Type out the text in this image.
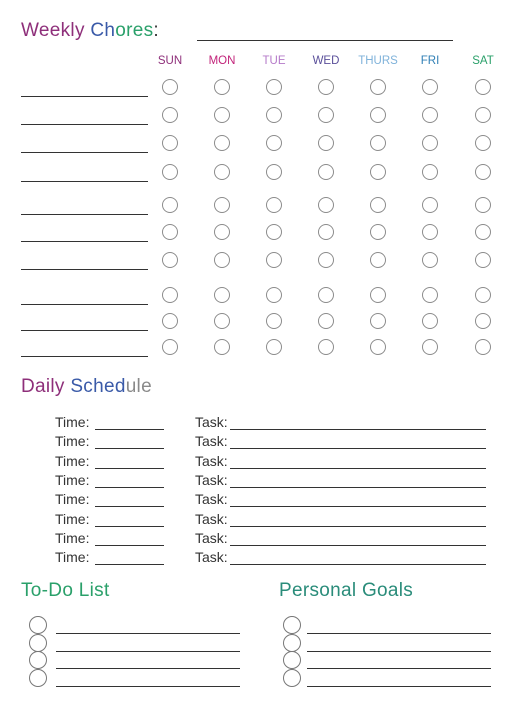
Weekly Chores:
SUN	MON	TUE	WED	THURS	FRI	SAT
Daily Schedule
Time:	Task:
Time:	Task:
Time:	Task:
Time:	Task:
Time:	Task:
Time:	Task:
Time:	Task:
Time:	Task:
To-Do List	Personal Goals
